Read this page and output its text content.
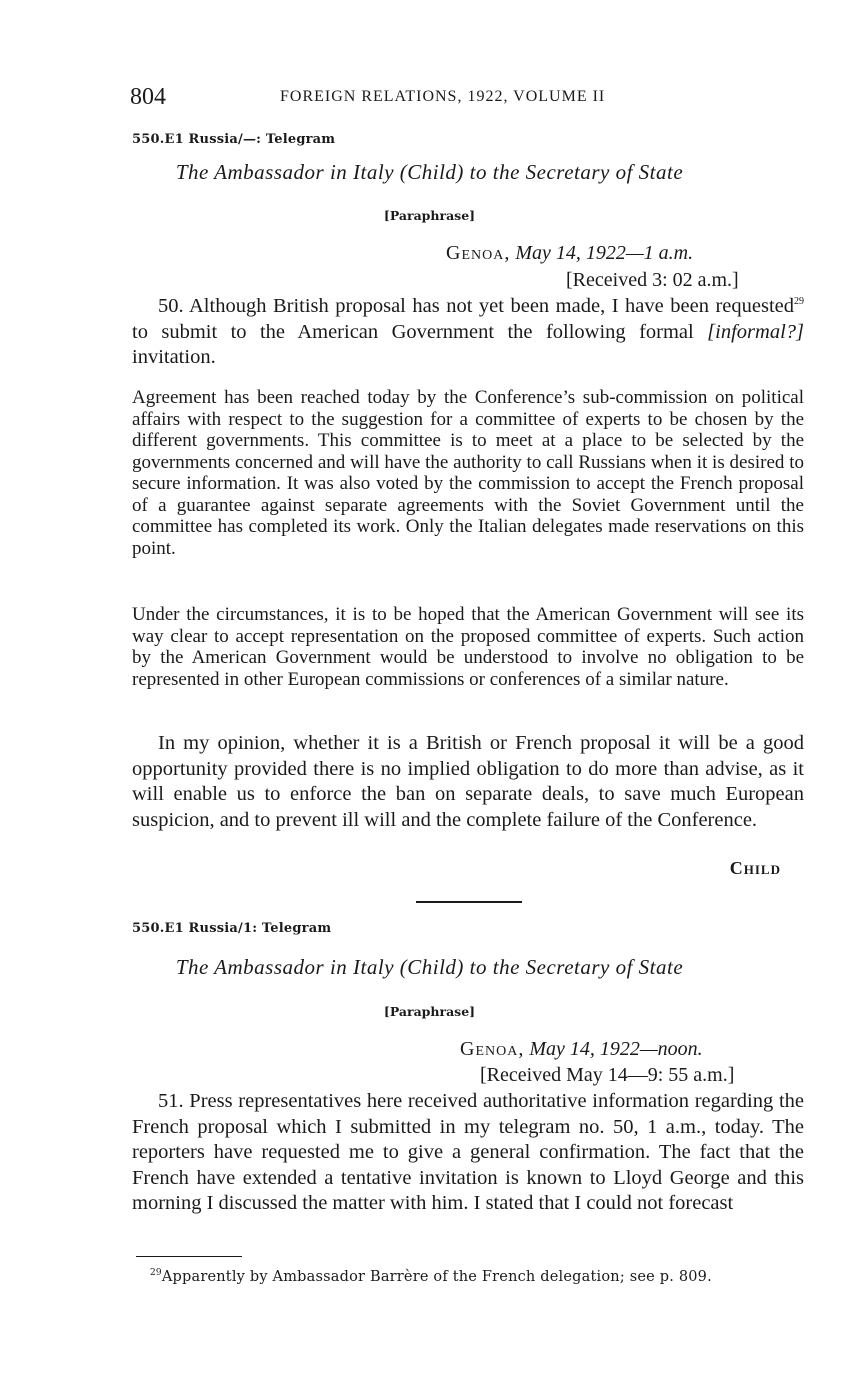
804	FOREIGN RELATIONS, 1922, VOLUME II
550.E1 Russia/—: Telegram
The Ambassador in Italy (Child) to the Secretary of State
[Paraphrase]
Genoa, May 14, 1922—1 a.m.
[Received 3: 02 a.m.]

50. Although British proposal has not yet been made, I have been requested$^{29}$ to submit to the American Government the following formal [informal?] invitation.

Agreement has been reached today by the Conference’s sub-commission on political affairs with respect to the suggestion for a committee of experts to be chosen by the different governments. This committee is to meet at a place to be selected by the governments concerned and will have the authority to call Russians when it is desired to secure information. It was also voted by the commission to accept the French proposal of a guarantee against separate agreements with the Soviet Government until the committee has completed its work. Only the Italian delegates made reservations on this point.

Under the circumstances, it is to be hoped that the American Government will see its way clear to accept representation on the proposed committee of experts. Such action by the American Government would be understood to involve no obligation to be represented in other European commissions or conferences of a similar nature.

In my opinion, whether it is a British or French proposal it will be a good opportunity provided there is no implied obligation to do more than advise, as it will enable us to enforce the ban on separate deals, to save much European suspicion, and to prevent ill will and the complete failure of the Conference.

Child
550.E1 Russia/1: Telegram
The Ambassador in Italy (Child) to the Secretary of State
[Paraphrase]
Genoa, May 14, 1922—noon.
[Received May 14—9: 55 a.m.]

51. Press representatives here received authoritative information regarding the French proposal which I submitted in my telegram no. 50, 1 a.m., today. The reporters have requested me to give a general confirmation. The fact that the French have extended a tentative invitation is known to Lloyd George and this morning I discussed the matter with him. I stated that I could not forecast

$^{29}$Apparently by Ambassador Barrère of the French delegation; see p. 809.
